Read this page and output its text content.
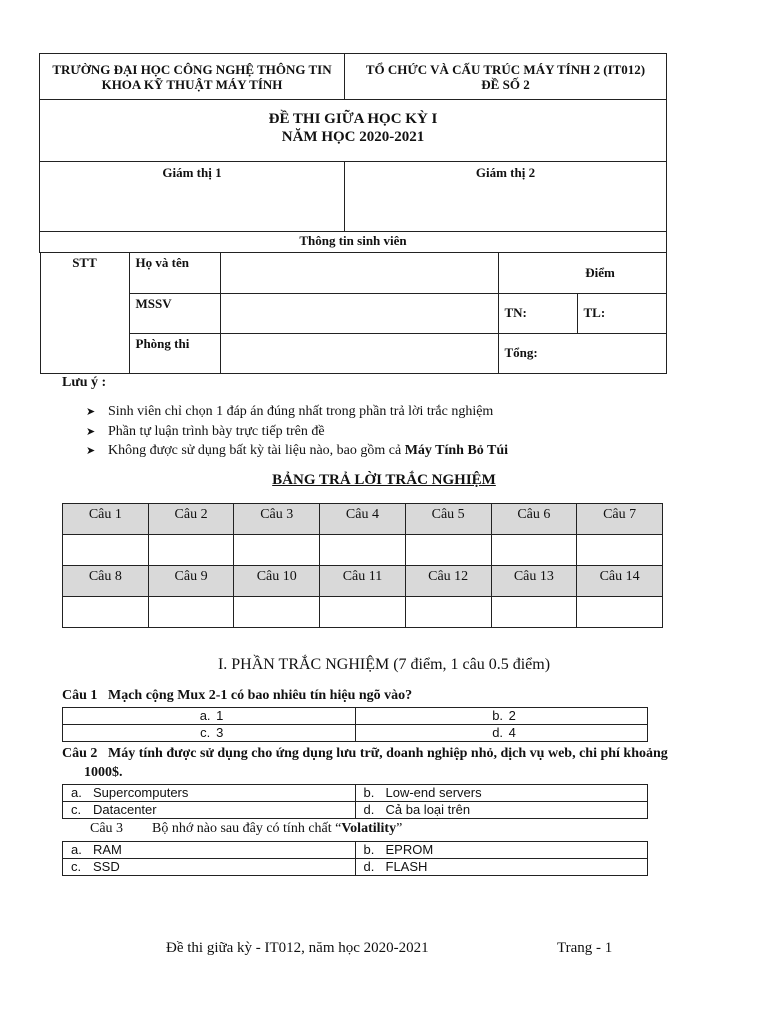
TRƯỜNG ĐẠI HỌC CÔNG NGHỆ THÔNG TIN
KHOA KỸ THUẬT MÁY TÍNH

TỔ CHỨC VÀ CẤU TRÚC MÁY TÍNH 2 (IT012)
ĐỀ SỐ 2

ĐỀ THI GIỮA HỌC KỲ I
NĂM HỌC 2020-2021

Giám thị 1	Giám thị 2
Thông tin sinh viên

STT	Họ và tên		Điểm
MSSV		TN:	TL:
Phòng thi		Tổng:
Lưu ý :
➤ Sinh viên chỉ chọn 1 đáp án đúng nhất trong phần trả lời trắc nghiệm
➤ Phần tự luận trình bày trực tiếp trên đề
➤ Không được sử dụng bất kỳ tài liệu nào, bao gồm cả Máy Tính Bỏ Túi
BẢNG TRẢ LỜI TRẮC NGHIỆM
Câu 1	Câu 2	Câu 3	Câu 4	Câu 5	Câu 6	Câu 7

Câu 8	Câu 9	Câu 10	Câu 11	Câu 12	Câu 13	Câu 14

I. PHẦN TRẮC NGHIỆM (7 điểm, 1 câu 0.5 điểm)
Câu 1 Mạch cộng Mux 2-1 có bao nhiêu tín hiệu ngõ vào?
a. 1	b. 2
c. 3	d. 4
Câu 2 Máy tính được sử dụng cho ứng dụng lưu trữ, doanh nghiệp nhỏ, dịch vụ web, chi phí khoảng
1000$.
a. Supercomputers	b. Low-end servers
c. Datacenter	d. Cả ba loại trên
Câu 3 Bộ nhớ nào sau đây có tính chất “Volatility”
a. RAM	b. EPROM
c. SSD	d. FLASH
Đề thi giữa kỳ - IT012, năm học 2020-2021	Trang - 1
